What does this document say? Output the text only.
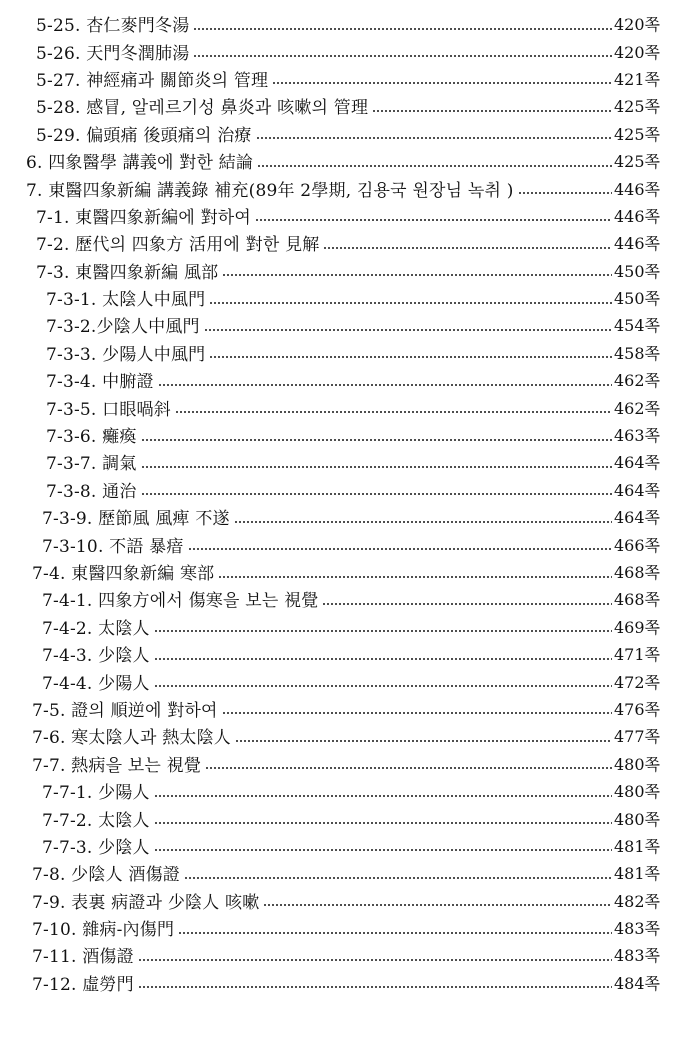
5-25. 杏仁麥門冬湯	420쪽
5-26. 天門冬潤肺湯	420쪽
5-27. 神經痛과 關節炎의 管理	421쪽
5-28. 感冒, 알레르기성 鼻炎과 咳嗽의 管理	425쪽
5-29. 偏頭痛 後頭痛의 治療	425쪽
6. 四象醫學 講義에 對한 結論	425쪽
7. 東醫四象新編 講義錄 補充(89年 2學期, 김용국 원장님 녹취 )	446쪽
7-1. 東醫四象新編에 對하여	446쪽
7-2. 歷代의 四象方 活用에 對한 見解	446쪽
7-3. 東醫四象新編 風部	450쪽
7-3-1. 太陰人中風門	450쪽
7-3-2.少陰人中風門	454쪽
7-3-3. 少陽人中風門	458쪽
7-3-4. 中腑證	462쪽
7-3-5. 口眼喎斜	462쪽
7-3-6. 癱瘓	463쪽
7-3-7. 調氣	464쪽
7-3-8. 通治	464쪽
7-3-9. 歷節風 風痺 不遂	464쪽
7-3-10. 不語 暴瘖	466쪽
7-4. 東醫四象新編 寒部	468쪽
7-4-1. 四象方에서 傷寒을 보는 視覺	468쪽
7-4-2. 太陰人	469쪽
7-4-3. 少陰人	471쪽
7-4-4. 少陽人	472쪽
7-5. 證의 順逆에 對하여	476쪽
7-6. 寒太陰人과 熱太陰人	477쪽
7-7. 熱病을 보는 視覺	480쪽
7-7-1. 少陽人	480쪽
7-7-2. 太陰人	480쪽
7-7-3. 少陰人	481쪽
7-8. 少陰人 酒傷證	481쪽
7-9. 表裏 病證과 少陰人 咳嗽	482쪽
7-10. 雜病-內傷門	483쪽
7-11. 酒傷證	483쪽
7-12. 虛勞門	484쪽
